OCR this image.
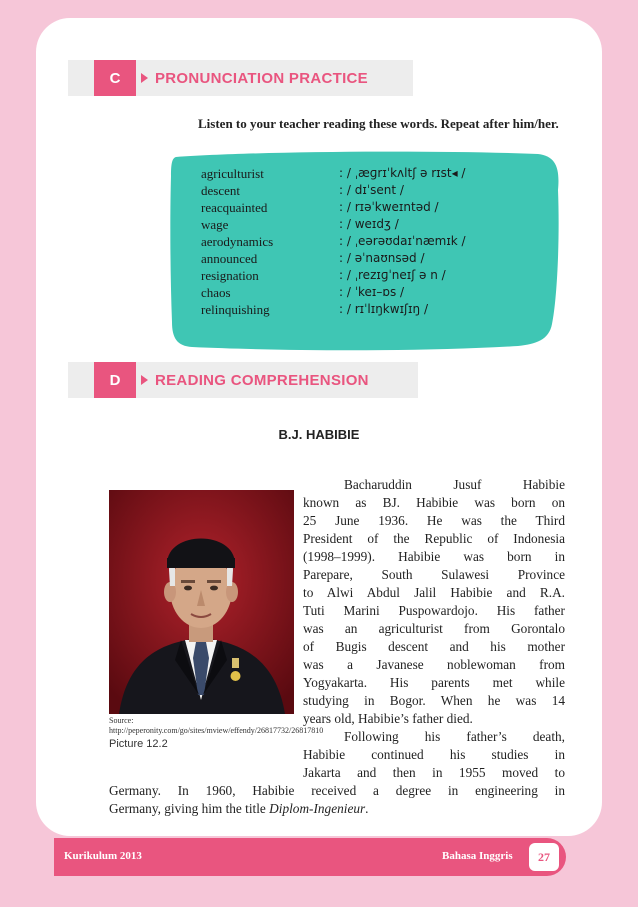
C	PRONUNCIATION PRACTICE
Listen to your teacher reading these words. Repeat after him/her.
agriculturist	: / ˌæɡrɪˈkʌltʃ ə rɪst◂ /
descent	: / dɪˈsent /
reacquainted	: / rɪəˈkweɪntəd /
wage	: / weɪdʒ /
aerodynamics	: / ˌeərəʊdaɪˈnæmɪk /
announced	: / əˈnaʊnsəd /
resignation	: / ˌrezɪɡˈneɪʃ ə n /
chaos	: / ˈkeɪ–ɒs /
relinquishing	: / rɪˈlɪŋkwɪʃɪŋ /
D	READING COMPREHENSION
B.J. HABIBIE
Source: http://peperonity.com/go/sites/mview/effendy/26817732/26817810
Picture 12.2
Bacharuddin Jusuf Habibie
known as BJ. Habibie was born on
25 June 1936. He was the Third
President of the Republic of Indonesia
(1998–1999). Habibie was born in
Parepare, South Sulawesi Province
to Alwi Abdul Jalil Habibie and R.A.
Tuti Marini Puspowardojo. His father
was an agriculturist from Gorontalo
of Bugis descent and his mother
was a Javanese noblewoman from
Yogyakarta. His parents met while
studying in Bogor. When he was 14
years old, Habibie’s father died.
Following his father’s death,
Habibie continued his studies in
Jakarta and then in 1955 moved to
Germany. In 1960, Habibie received a degree in engineering in
Germany, giving him the title Diplom-Ingenieur.
Kurikulum 2013	Bahasa Inggris	27
